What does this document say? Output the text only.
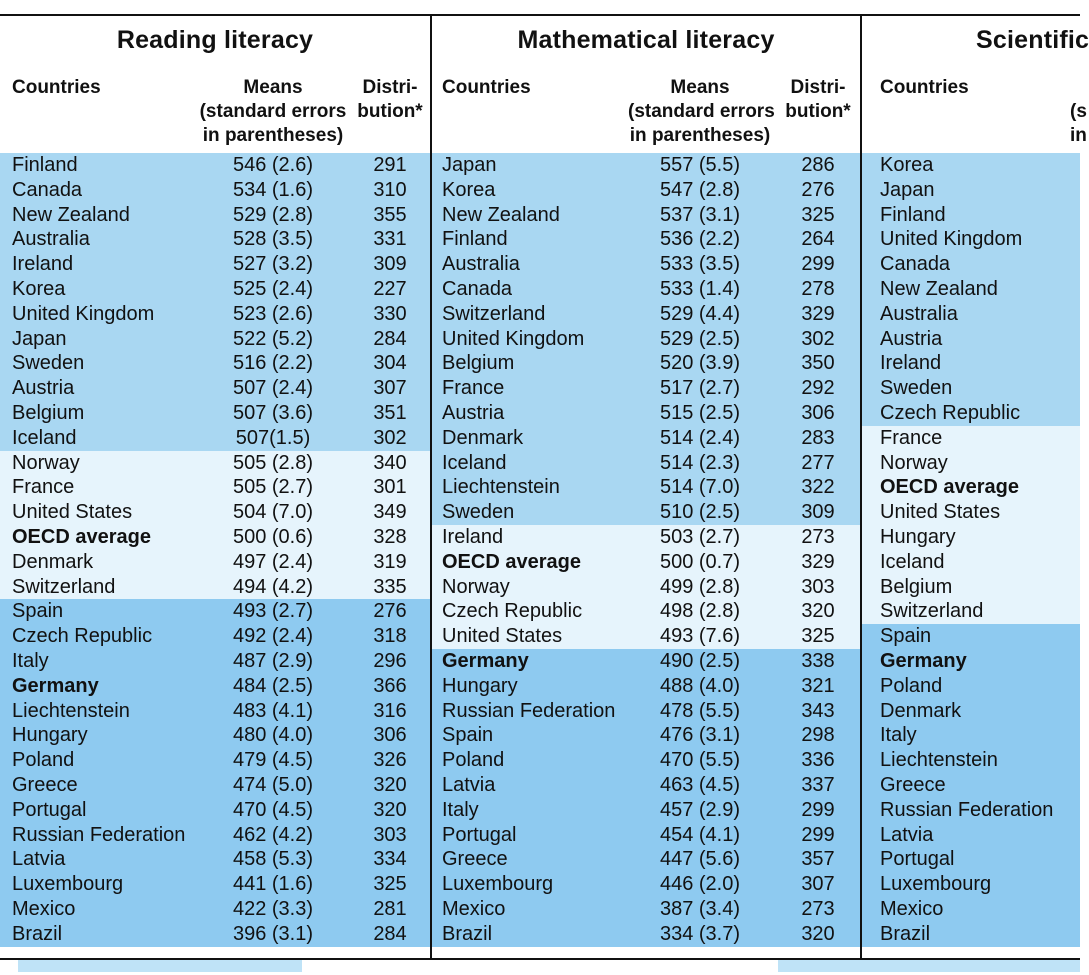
Reading literacy
Countries	Means
(standard errors
in parentheses)
Distri-
bution*
Finland	546 (2.6)	291
Canada	534 (1.6)	310
New Zealand	529 (2.8)	355
Australia	528 (3.5)	331
Ireland	527 (3.2)	309
Korea	525 (2.4)	227
United Kingdom	523 (2.6)	330
Japan	522 (5.2)	284
Sweden	516 (2.2)	304
Austria	507 (2.4)	307
Belgium	507 (3.6)	351
Iceland	507(1.5)	302
Norway	505 (2.8)	340
France	505 (2.7)	301
United States	504 (7.0)	349
OECD average	500 (0.6)	328
Denmark	497 (2.4)	319
Switzerland	494 (4.2)	335
Spain	493 (2.7)	276
Czech Republic	492 (2.4)	318
Italy	487 (2.9)	296
Germany	484 (2.5)	366
Liechtenstein	483 (4.1)	316
Hungary	480 (4.0)	306
Poland	479 (4.5)	326
Greece	474 (5.0)	320
Portugal	470 (4.5)	320
Russian Federation	462 (4.2)	303
Latvia	458 (5.3)	334
Luxembourg	441 (1.6)	325
Mexico	422 (3.3)	281
Brazil	396 (3.1)	284
Mathematical literacy
Countries	Means
(standard errors
in parentheses)
Distri-
bution*
Japan	557 (5.5)	286
Korea	547 (2.8)	276
New Zealand	537 (3.1)	325
Finland	536 (2.2)	264
Australia	533 (3.5)	299
Canada	533 (1.4)	278
Switzerland	529 (4.4)	329
United Kingdom	529 (2.5)	302
Belgium	520 (3.9)	350
France	517 (2.7)	292
Austria	515 (2.5)	306
Denmark	514 (2.4)	283
Iceland	514 (2.3)	277
Liechtenstein	514 (7.0)	322
Sweden	510 (2.5)	309
Ireland	503 (2.7)	273
OECD average	500 (0.7)	329
Norway	499 (2.8)	303
Czech Republic	498 (2.8)	320
United States	493 (7.6)	325
Germany	490 (2.5)	338
Hungary	488 (4.0)	321
Russian Federation	478 (5.5)	343
Spain	476 (3.1)	298
Poland	470 (5.5)	336
Latvia	463 (4.5)	337
Italy	457 (2.9)	299
Portugal	454 (4.1)	299
Greece	447 (5.6)	357
Luxembourg	446 (2.0)	307
Mexico	387 (3.4)	273
Brazil	334 (3.7)	320
Scientific
Countries
(s
in
Korea
Japan
Finland
United Kingdom
Canada
New Zealand
Australia
Austria
Ireland
Sweden
Czech Republic
France
Norway
OECD average
United States
Hungary
Iceland
Belgium
Switzerland
Spain
Germany
Poland
Denmark
Italy
Liechtenstein
Greece
Russian Federation
Latvia
Portugal
Luxembourg
Mexico
Brazil
